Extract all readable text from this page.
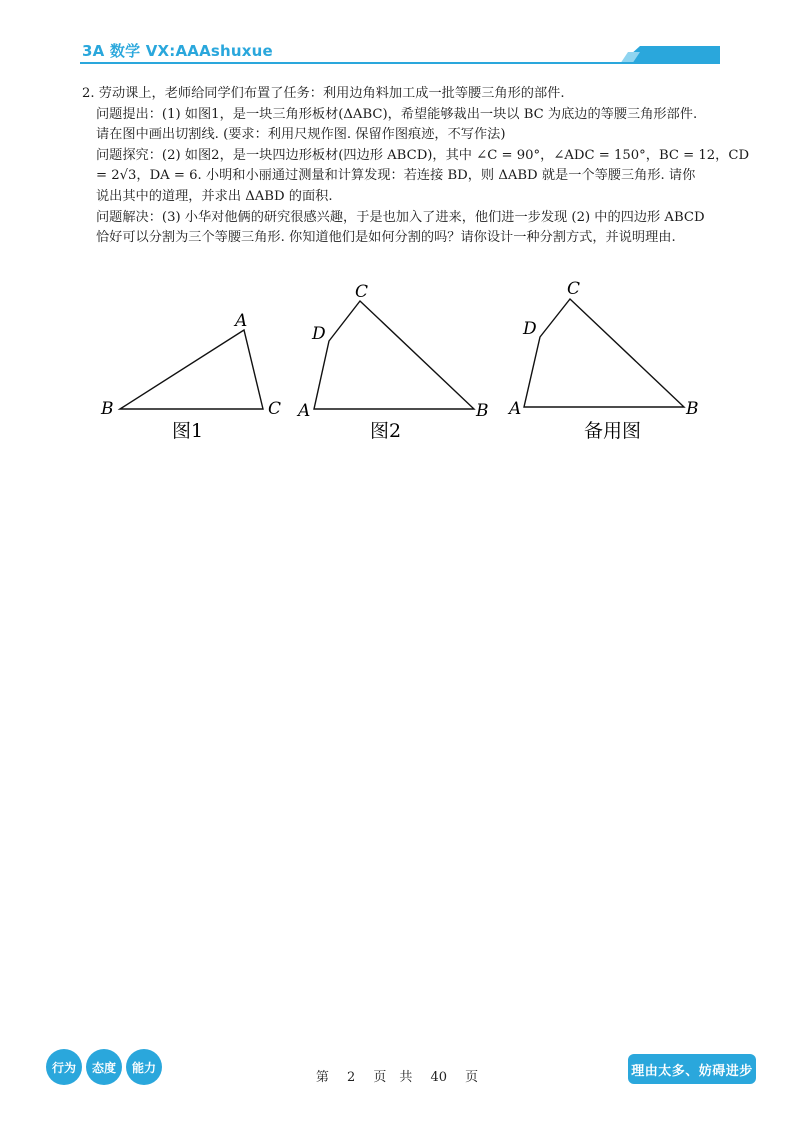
3A 数学 VX:AAAshuxue

2. 劳动课上，老师给同学们布置了任务：利用边角料加工成一批等腰三角形的部件.

问题提出：(1) 如图1，是一块三角形板材(ΔABC)，希望能够裁出一块以 BC 为底边的等腰三角形部件.

请在图中画出切割线. (要求：利用尺规作图. 保留作图痕迹，不写作法)

问题探究：(2) 如图2，是一块四边形板材(四边形 ABCD)，其中 ∠C = 90°，∠ADC = 150°，BC = 12，CD

= 2√3，DA = 6. 小明和小丽通过测量和计算发现：若连接 BD，则 ΔABD 就是一个等腰三角形. 请你

说出其中的道理，并求出 ΔABD 的面积.

问题解决：(3) 小华对他俩的研究很感兴趣，于是也加入了进来，他们进一步发现 (2) 中的四边形 ABCD

恰好可以分割为三个等腰三角形. 你知道他们是如何分割的吗？请你设计一种分割方式，并说明理由.

A
B	C
图1
C
D
A	B
图2
C
D
A	B
备用图
行为	态度	能力
第 2 页　共 40 页	理由太多、妨碍进步
